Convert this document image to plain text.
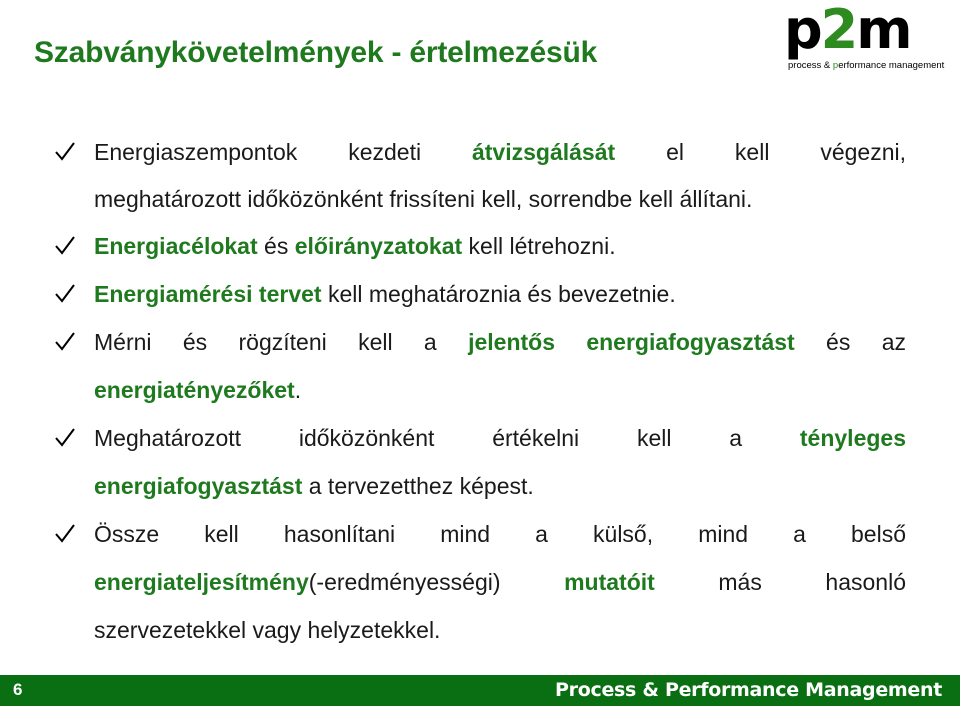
Szabványkövetelmények - értelmezésük	p2m
process & performance management
Energiaszempontok kezdeti átvizsgálását el kell végezni,
meghatározott időközönként frissíteni kell, sorrendbe kell állítani.
Energiacélokat és előirányzatokat kell létrehozni.
Energiamérési tervet kell meghatároznia és bevezetnie.
Mérni és rögzíteni kell a jelentős energiafogyasztást és az
energiatényezőket.
Meghatározott időközönként értékelni kell a tényleges
energiafogyasztást a tervezetthez képest.
Össze kell hasonlítani mind a külső, mind a belső
energiateljesítmény(-eredményességi) mutatóit más hasonló
szervezetekkel vagy helyzetekkel.
6	Process & Performance Management
